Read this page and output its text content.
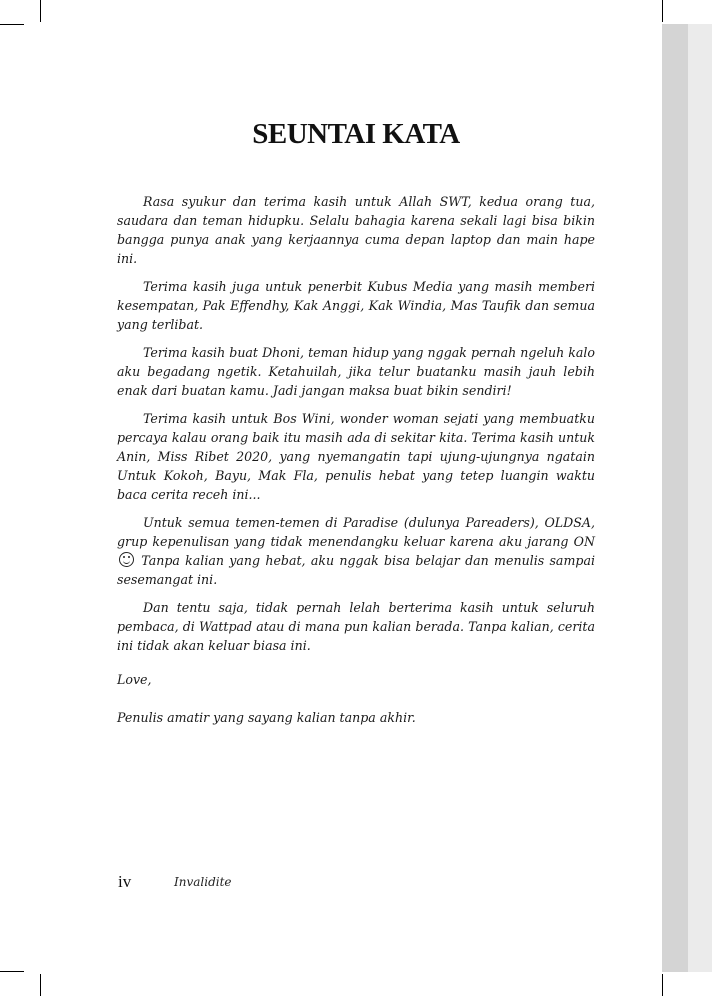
SEUNTAI KATA

Rasa syukur dan terima kasih untuk Allah SWT, kedua orang tua, saudara dan teman hidupku. Selalu bahagia karena sekali lagi bisa bikin bangga punya anak yang kerjaannya cuma depan laptop dan main hape ini.

Terima kasih juga untuk penerbit Kubus Media yang masih memberi kesempatan, Pak Effendhy, Kak Anggi, Kak Windia, Mas Taufik dan semua yang terlibat.

Terima kasih buat Dhoni, teman hidup yang nggak pernah ngeluh kalo aku begadang ngetik. Ketahuilah, jika telur buatanku masih jauh lebih enak dari buatan kamu. Jadi jangan maksa buat bikin sendiri!

Terima kasih untuk Bos Wini, wonder woman sejati yang membuatku percaya kalau orang baik itu masih ada di sekitar kita. Terima kasih untuk Anin, Miss Ribet 2020, yang nyemangatin tapi ujung-ujungnya ngatain Untuk Kokoh, Bayu, Mak Fla, penulis hebat yang tetep luangin waktu baca cerita receh ini...

Untuk semua temen-temen di Paradise (dulunya Pareaders), OLDSA, grup kepenulisan yang tidak menendangku keluar karena aku jarang ON  Tanpa kalian yang hebat, aku nggak bisa belajar dan menulis sampai sesemangat ini.

Dan tentu saja, tidak pernah lelah berterima kasih untuk seluruh pembaca, di Wattpad atau di mana pun kalian berada. Tanpa kalian, cerita ini tidak akan keluar biasa ini.

Love,
Penulis amatir yang sayang kalian tanpa akhir.
iv	Invalidite
